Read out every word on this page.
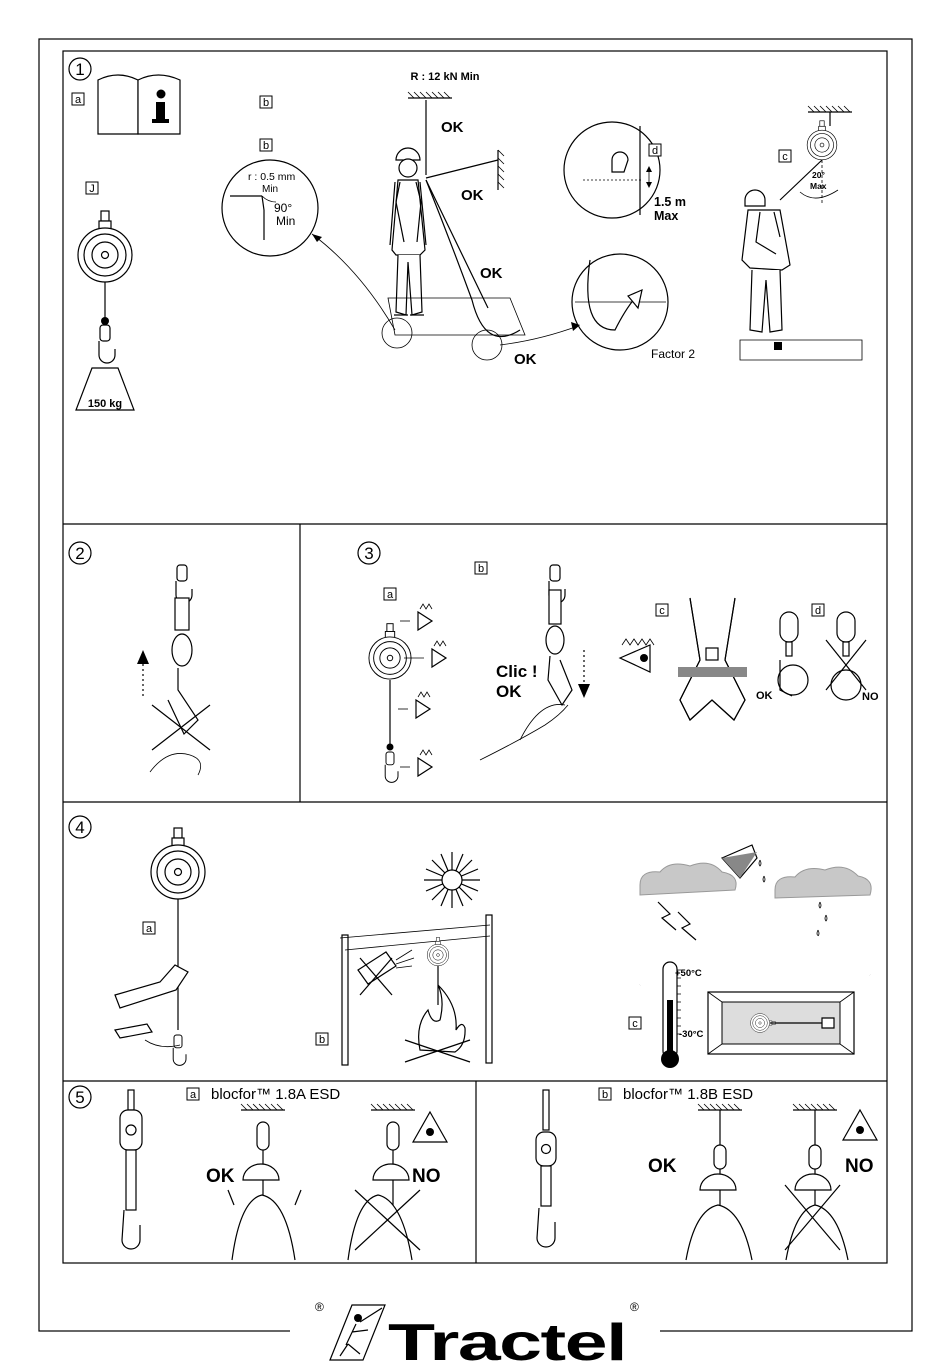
1
a	b
b
r : 0.5 mm
Min
90°
Min
R : 12 kN Min
OK
OK
OK
OK
d
1.5 m
Max
Factor 2
c
20°
Max
J
150 kg
2	3
a
b
Clic !
OK
c	d
OK	NO
4
a
b
+50°C
-30°C
c
5	a blocfor™ 1.8A ESD
OK	NO
b blocfor™ 1.8B ESD
OK	NO
®
Tractel
®
